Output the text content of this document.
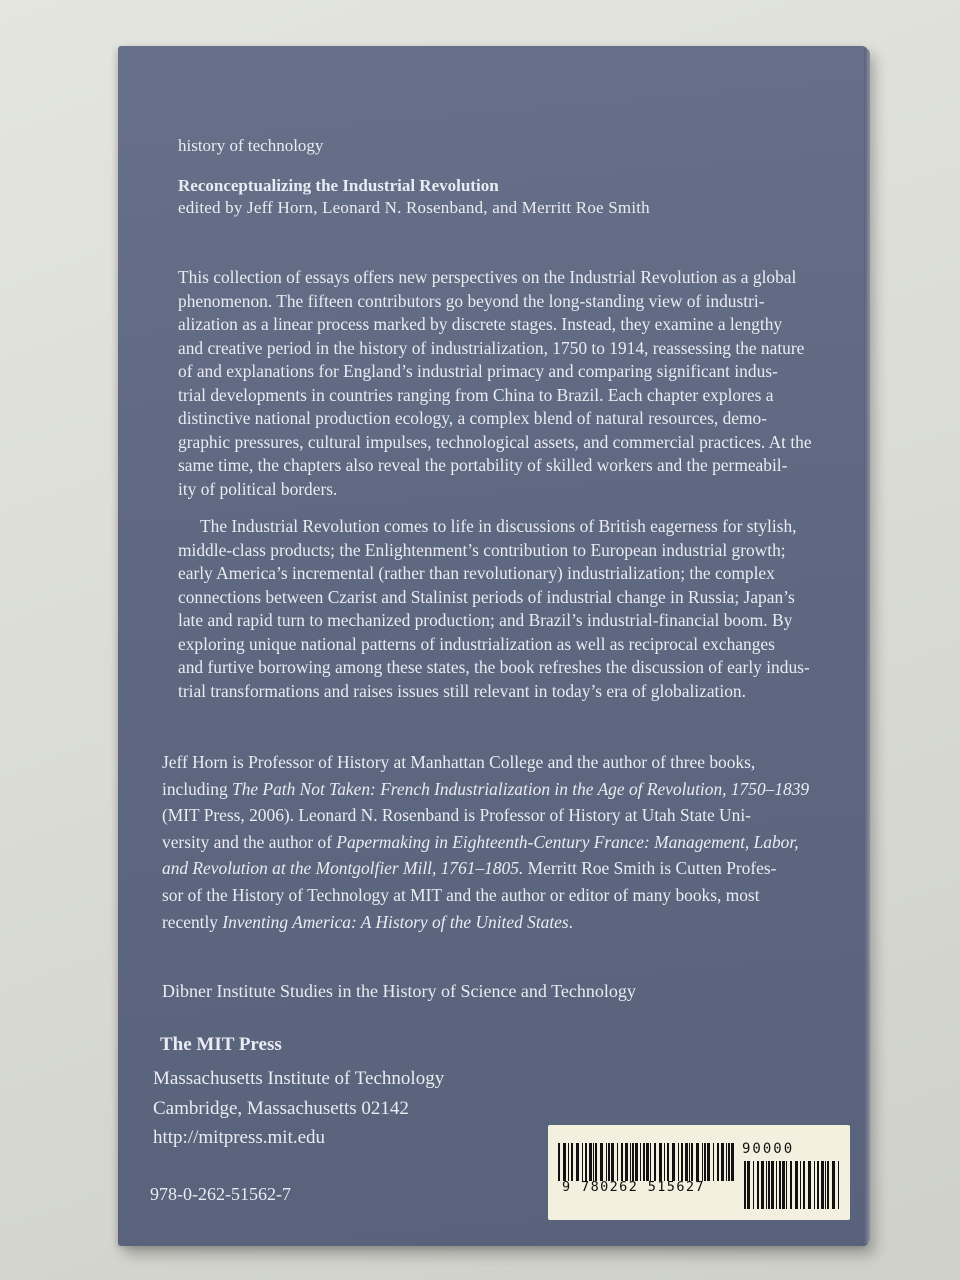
history of technology
Reconceptualizing the Industrial Revolution
edited by Jeff Horn, Leonard N. Rosenband, and Merritt Roe Smith
This collection of essays offers new perspectives on the Industrial Revolution as a global
phenomenon. The fifteen contributors go beyond the long-standing view of industri-
alization as a linear process marked by discrete stages. Instead, they examine a lengthy
and creative period in the history of industrialization, 1750 to 1914, reassessing the nature
of and explanations for England’s industrial primacy and comparing significant indus-
trial developments in countries ranging from China to Brazil. Each chapter explores a
distinctive national production ecology, a complex blend of natural resources, demo-
graphic pressures, cultural impulses, technological assets, and commercial practices. At the
same time, the chapters also reveal the portability of skilled workers and the permeabil-
ity of political borders.
The Industrial Revolution comes to life in discussions of British eagerness for stylish,
middle-class products; the Enlightenment’s contribution to European industrial growth;
early America’s incremental (rather than revolutionary) industrialization; the complex
connections between Czarist and Stalinist periods of industrial change in Russia; Japan’s
late and rapid turn to mechanized production; and Brazil’s industrial-financial boom. By
exploring unique national patterns of industrialization as well as reciprocal exchanges
and furtive borrowing among these states, the book refreshes the discussion of early indus-
trial transformations and raises issues still relevant in today’s era of globalization.
Jeff Horn is Professor of History at Manhattan College and the author of three books,
including The Path Not Taken: French Industrialization in the Age of Revolution, 1750–1839
(MIT Press, 2006). Leonard N. Rosenband is Professor of History at Utah State Uni-
versity and the author of Papermaking in Eighteenth-Century France: Management, Labor,
and Revolution at the Montgolfier Mill, 1761–1805. Merritt Roe Smith is Cutten Profes-
sor of the History of Technology at MIT and the author or editor of many books, most
recently Inventing America: A History of the United States.
Dibner Institute Studies in the History of Science and Technology
The MIT Press
Massachusetts Institute of Technology
Cambridge, Massachusetts 02142
http://mitpress.mit.edu
978-0-262-51562-7
90000
9 780262 515627
